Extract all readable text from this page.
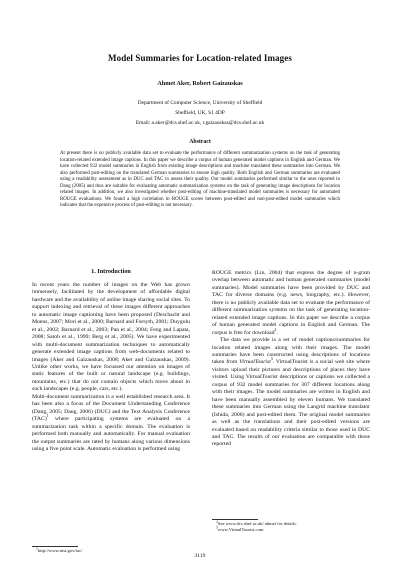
Model Summaries for Location-related Images
Ahmet Aker, Robert Gaizauskas
Department of Computer Science, University of Sheffield
Sheffield, UK, S1 4DP
Email: a.aker@dcs.shef.ac.uk, r.gaizauskas@dcs.shef.ac.uk
Abstract
At present there is no publicly available data set to evaluate the performance of different summarization systems on the task of generating location-related extended image captions. In this paper we describe a corpus of human generated model captions in English and German. We have collected 932 model summaries in English from existing image descriptions and machine translated these summaries into German. We also performed post-editing on the translated German summaries to ensure high quality. Both English and German summaries are evaluated using a readability assessment as in DUC and TAC to assess their quality. Our model summaries performed similar to the ones reported in Dang (2005) and thus are suitable for evaluating automatic summarization systems on the task of generating image descriptions for location related images. In addition, we also investigated whether post-editing of machine-translated model summaries is necessary for automated ROUGE evaluations. We found a high correlation in ROUGE scores between post-edited and non-post-edited model summaries which indicates that the expensive process of post-editing is not necessary.
1. Introduction

In recent years the number of images on the Web has grown immensely, facilitated by the development of affordable digital hardware and the availability of online image sharing social sites. To support indexing and retrieval of these images different approaches to automatic image captioning have been proposed (Deschacht and Moens, 2007; Mori et al., 2000; Barnard and Forsyth, 2001; Duygulu et al., 2002; Barnard et al., 2003; Pan et al., 2004; Feng and Lapata, 2008; Satoh et al., 1999; Berg et al., 2005). We have experimented with multi-document summarization techniques to automatically generate extended image captions from web-documents related to images (Aker and Gaizauskas, 2008; Aker and Gaizauskas, 2009). Unlike other works, we have focussed our attention on images of static features of the built or natural landscape (e.g. buildings, mountains, etc.) that do not contain objects which move about in such landscapes (e.g. people, cars, etc.).

Multi-document summarization is a well established research area. It has been also a focus of the Document Understanding Conference (Dang, 2005; Dang, 2006) (DUC) and the Text Analysis Conference (TAC)$^1$ where participating systems are evaluated on a summarization task within a specific domain. The evaluation is performed both manually and automatically. For manual evaluation the output summaries are rated by humans along various dimensions using a five point scale. Automatic evaluation is performed using

ROUGE metrics (Lin, 2004) that express the degree of n-gram overlap between automatic and human generated summaries (model summaries). Model summaries have been provided by DUC and TAC for diverse domains (e.g. news, biography, etc.). However, there is no publicly available data set to evaluate the performance of different summarization systems on the task of generating location-related extended image captions. In this paper we describe a corpus of human generated model captions in English and German. The corpus is free for download$^2$.

The data we provide is a set of model captions/summaries for location related images along with their images. The model summaries have been constructed using descriptions of locations taken from VirtualTourist$^3$. VirtualTourist is a social web site where visitors upload their pictures and descriptions of places they have visited. Using VirtualTourist descriptions or captions we collected a corpus of 932 model summaries for 307 different locations along with their images. The model summaries are written in English and have been manually assembled by eleven humans. We translated these summaries into German using the Langrid machine translator (Ishida, 2006) and post-edited them. The original model summaries as well as the translations and their post-edited versions are evaluated based on readability criteria similar to those used in DUC and TAC. The results of our evaluation are comparable with those reported

$^1$http://www.nist.gov/tac/
$^2$See www.dcs.shef.ac.uk/ ahmet for details.
$^3$www.VirtualTourist.com
3119
